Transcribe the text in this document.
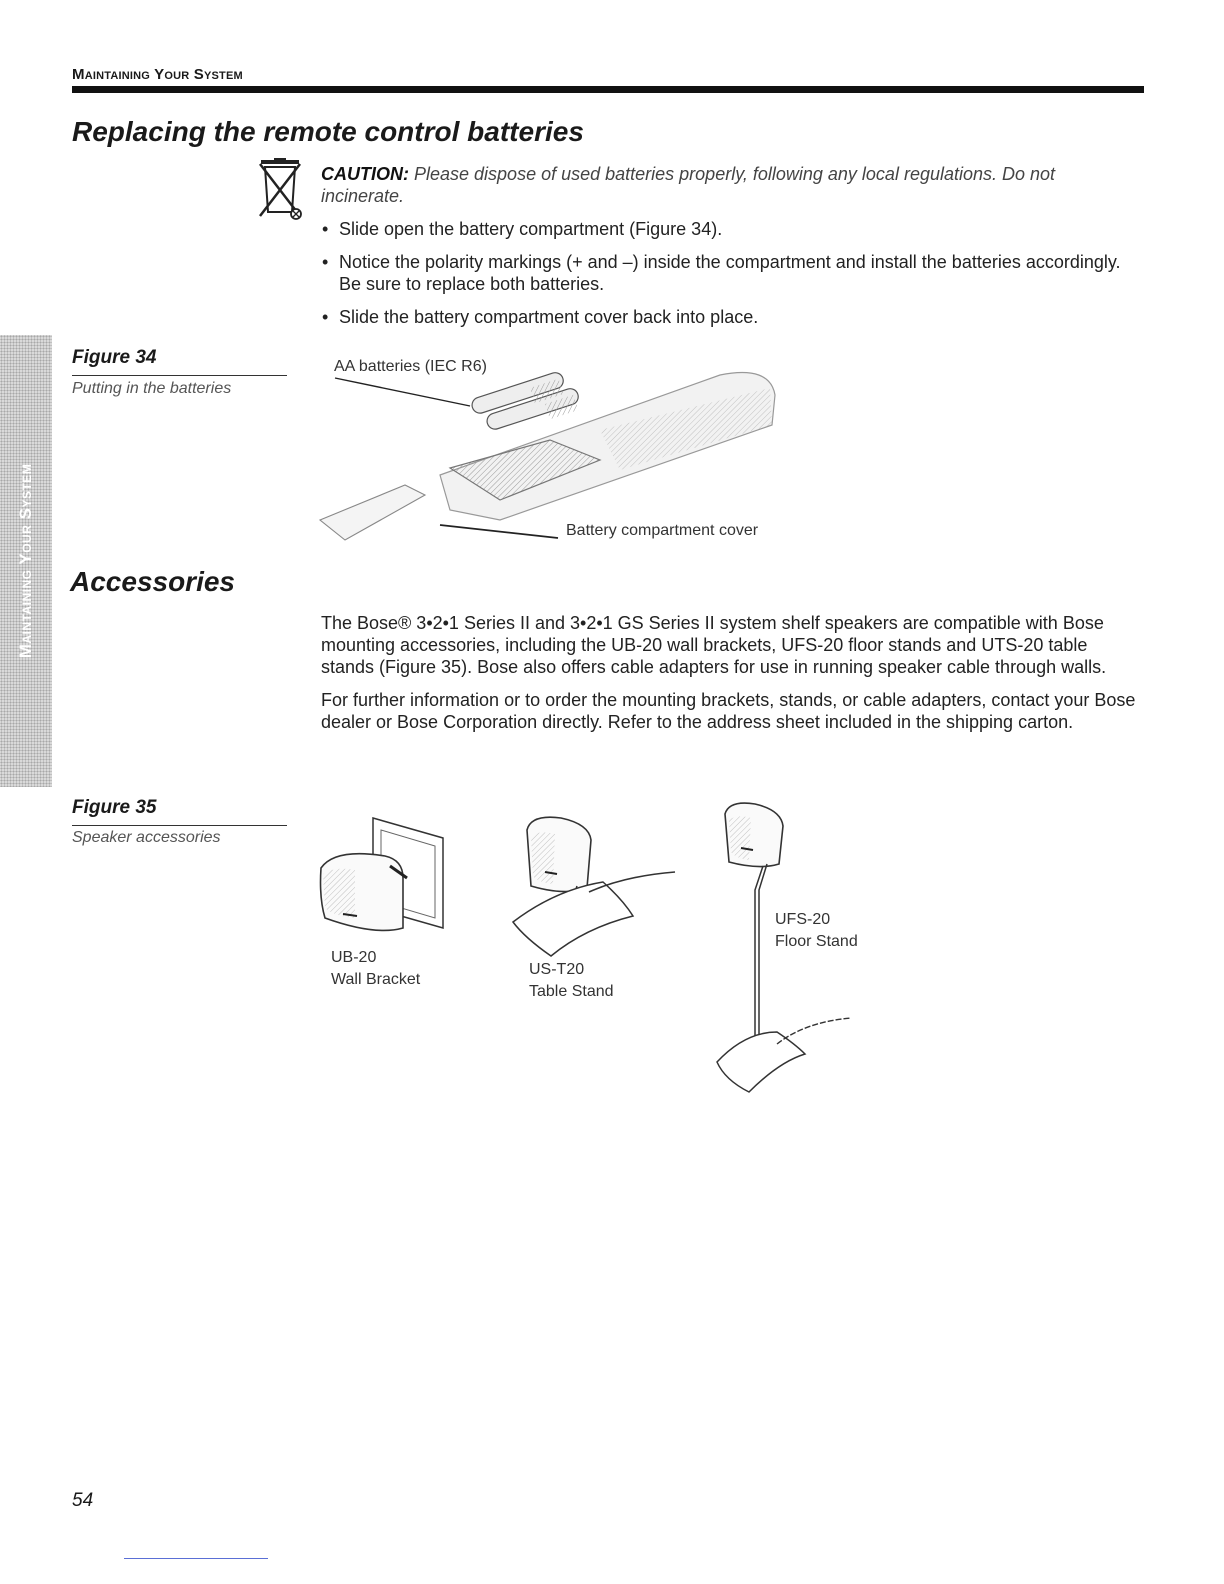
Maintaining Your System
Maintaining Your System
Replacing the remote control batteries
CAUTION: Please dispose of used batteries properly, following any local regulations. Do not incinerate.
• Slide open the battery compartment (Figure 34).
• Notice the polarity markings (+ and –) inside the compartment and install the batteries accordingly. Be sure to replace both batteries.
• Slide the battery compartment cover back into place.
Figure 34
Putting in the batteries
AA batteries (IEC R6)
Battery compartment cover
Accessories

The Bose® 3•2•1 Series II and 3•2•1 GS Series II system shelf speakers are compatible with Bose mounting accessories, including the UB-20 wall brackets, UFS-20 floor stands and UTS-20 table stands (Figure 35). Bose also offers cable adapters for use in running speaker cable through walls.

For further information or to order the mounting brackets, stands, or cable adapters, contact your Bose dealer or Bose Corporation directly. Refer to the address sheet included in the shipping carton.

Figure 35
Speaker accessories
UB-20
Wall Bracket
US-T20
Table Stand
UFS-20
Floor Stand
54
